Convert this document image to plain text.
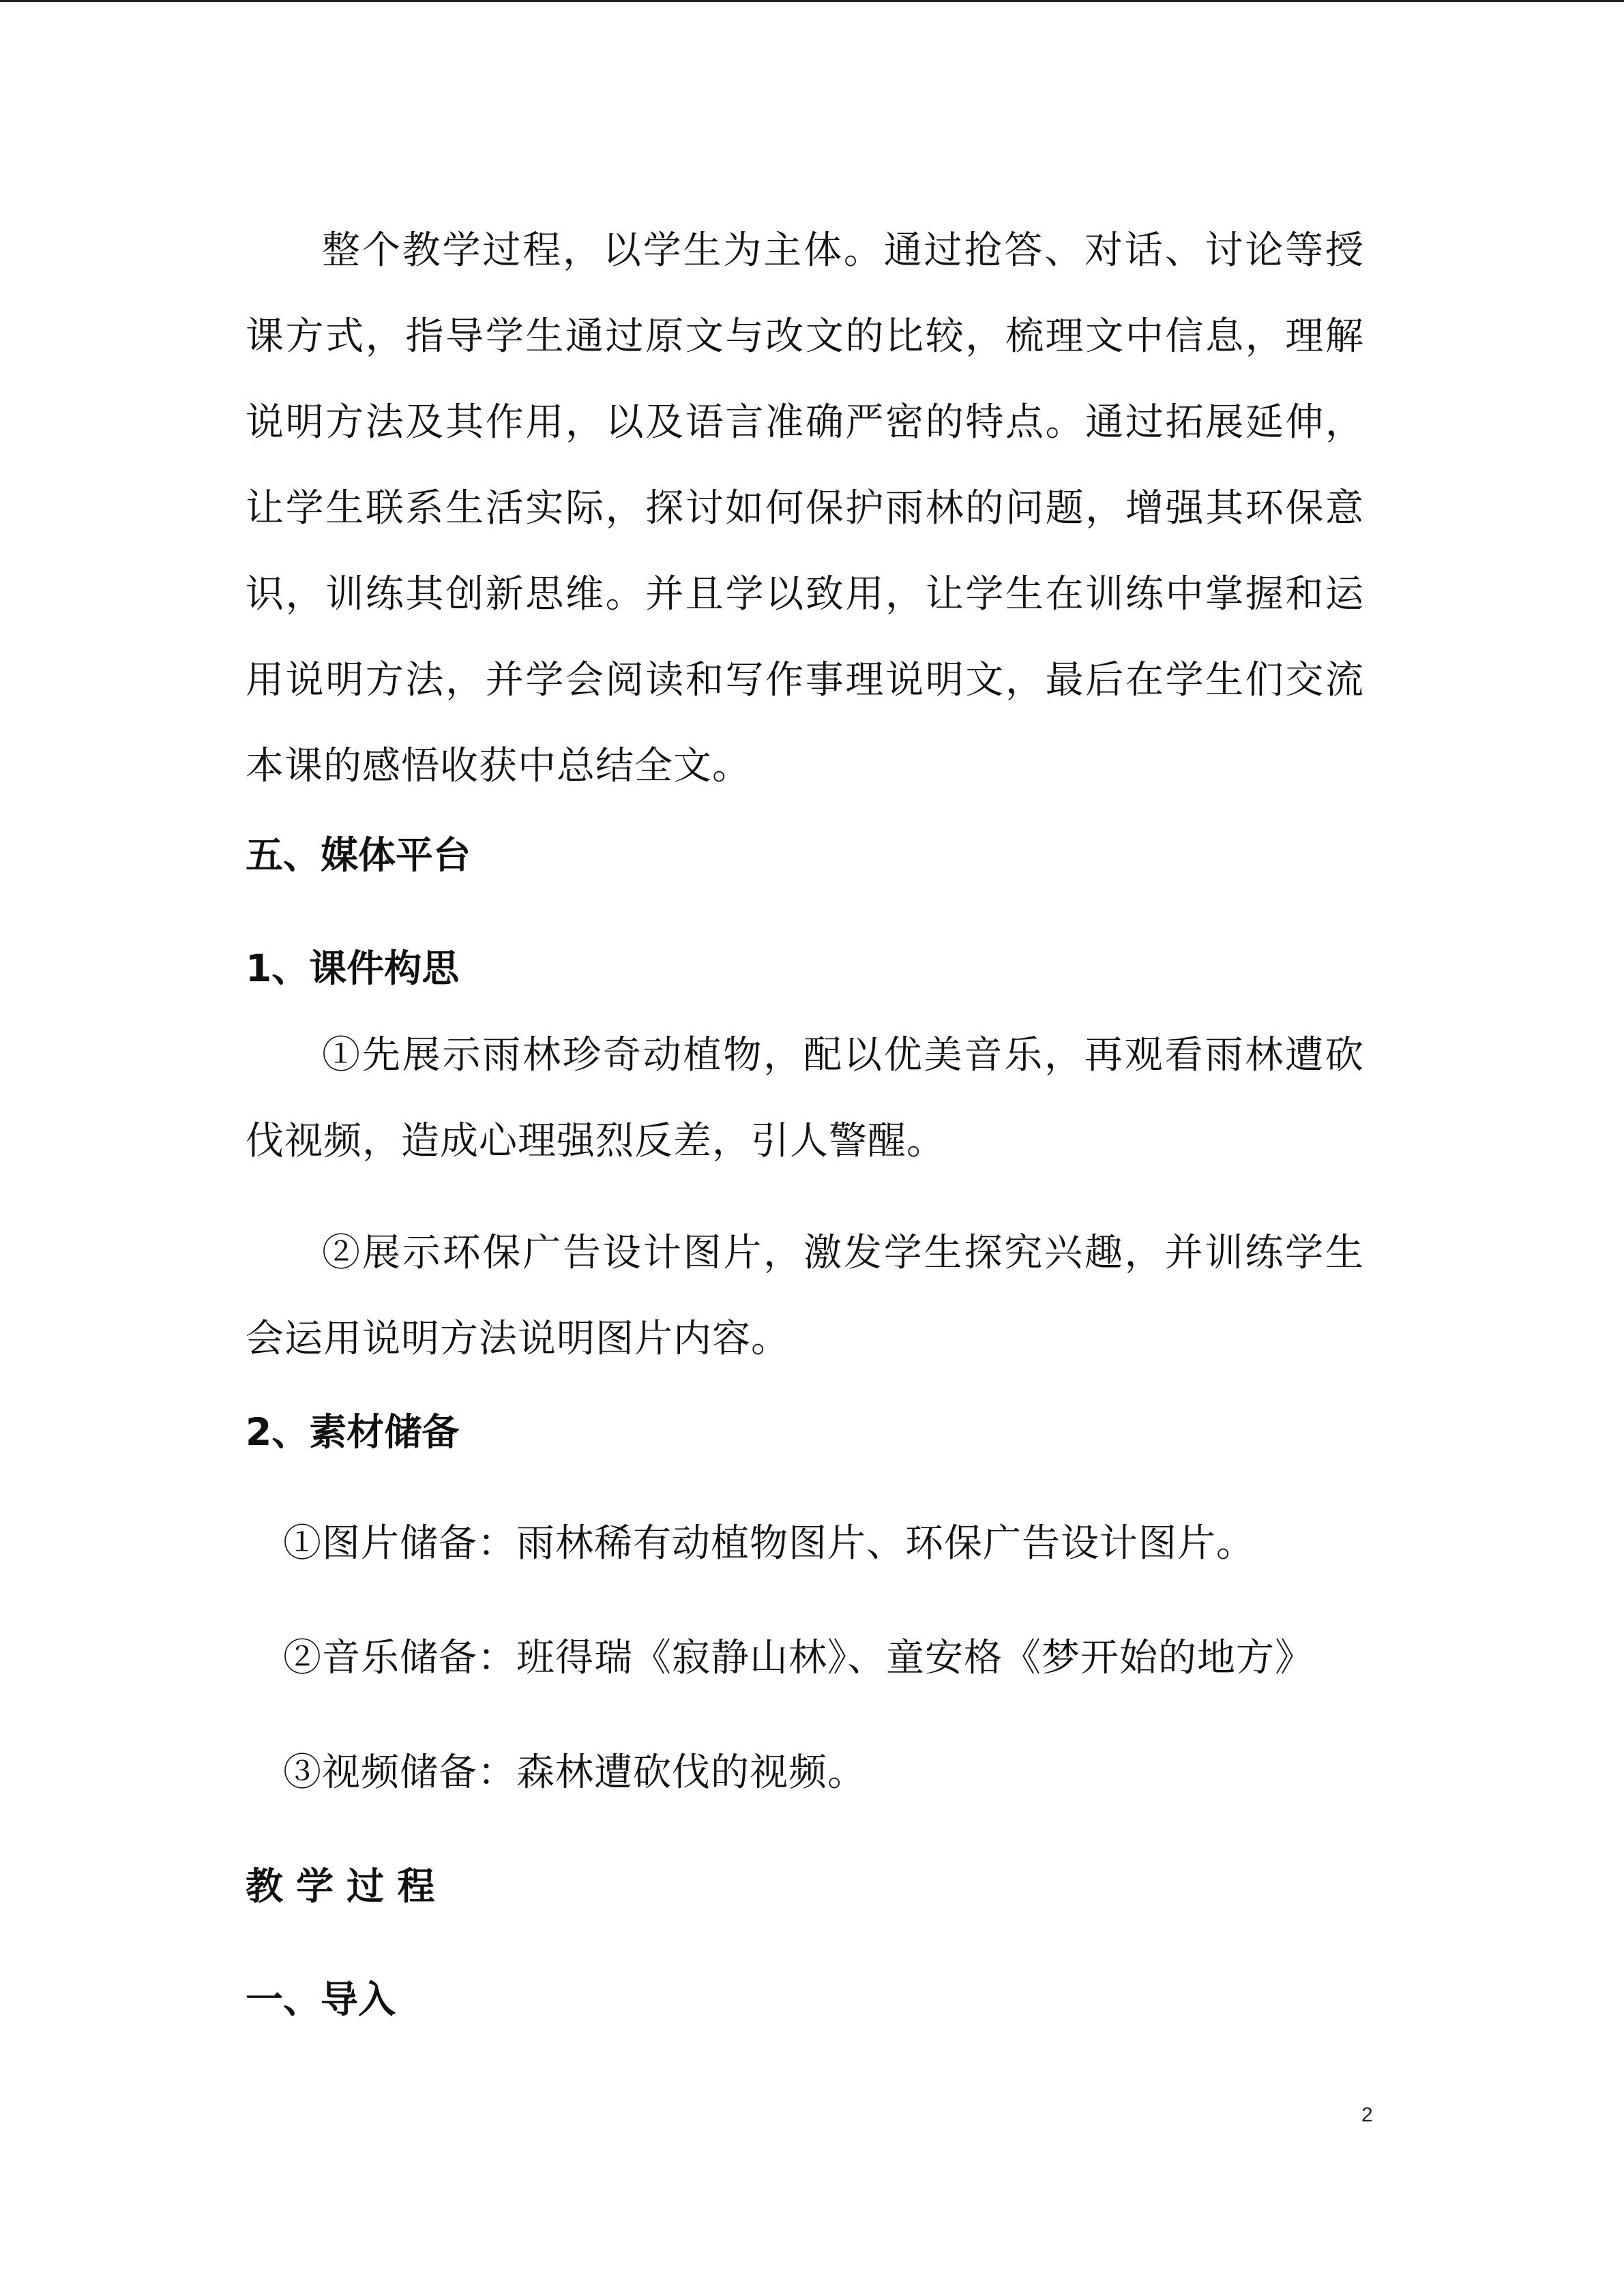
整个教学过程，以学生为主体。通过抢答、对话、讨论等授课方式，指导学生通过原文与改文的比较，梳理文中信息，理解说明方法及其作用，以及语言准确严密的特点。通过拓展延伸，让学生联系生活实际，探讨如何保护雨林的问题，增强其环保意识，训练其创新思维。并且学以致用，让学生在训练中掌握和运用说明方法，并学会阅读和写作事理说明文，最后在学生们交流本课的感悟收获中总结全文。

五、媒体平台

1、课件构思

①先展示雨林珍奇动植物，配以优美音乐，再观看雨林遭砍伐视频，造成心理强烈反差，引人警醒。

②展示环保广告设计图片，激发学生探究兴趣，并训练学生会运用说明方法说明图片内容。

2、素材储备

①图片储备：雨林稀有动植物图片、环保广告设计图片。

②音乐储备：班得瑞《寂静山林》、童安格《梦开始的地方》

③视频储备：森林遭砍伐的视频。

教 学 过 程

一、导入

2
